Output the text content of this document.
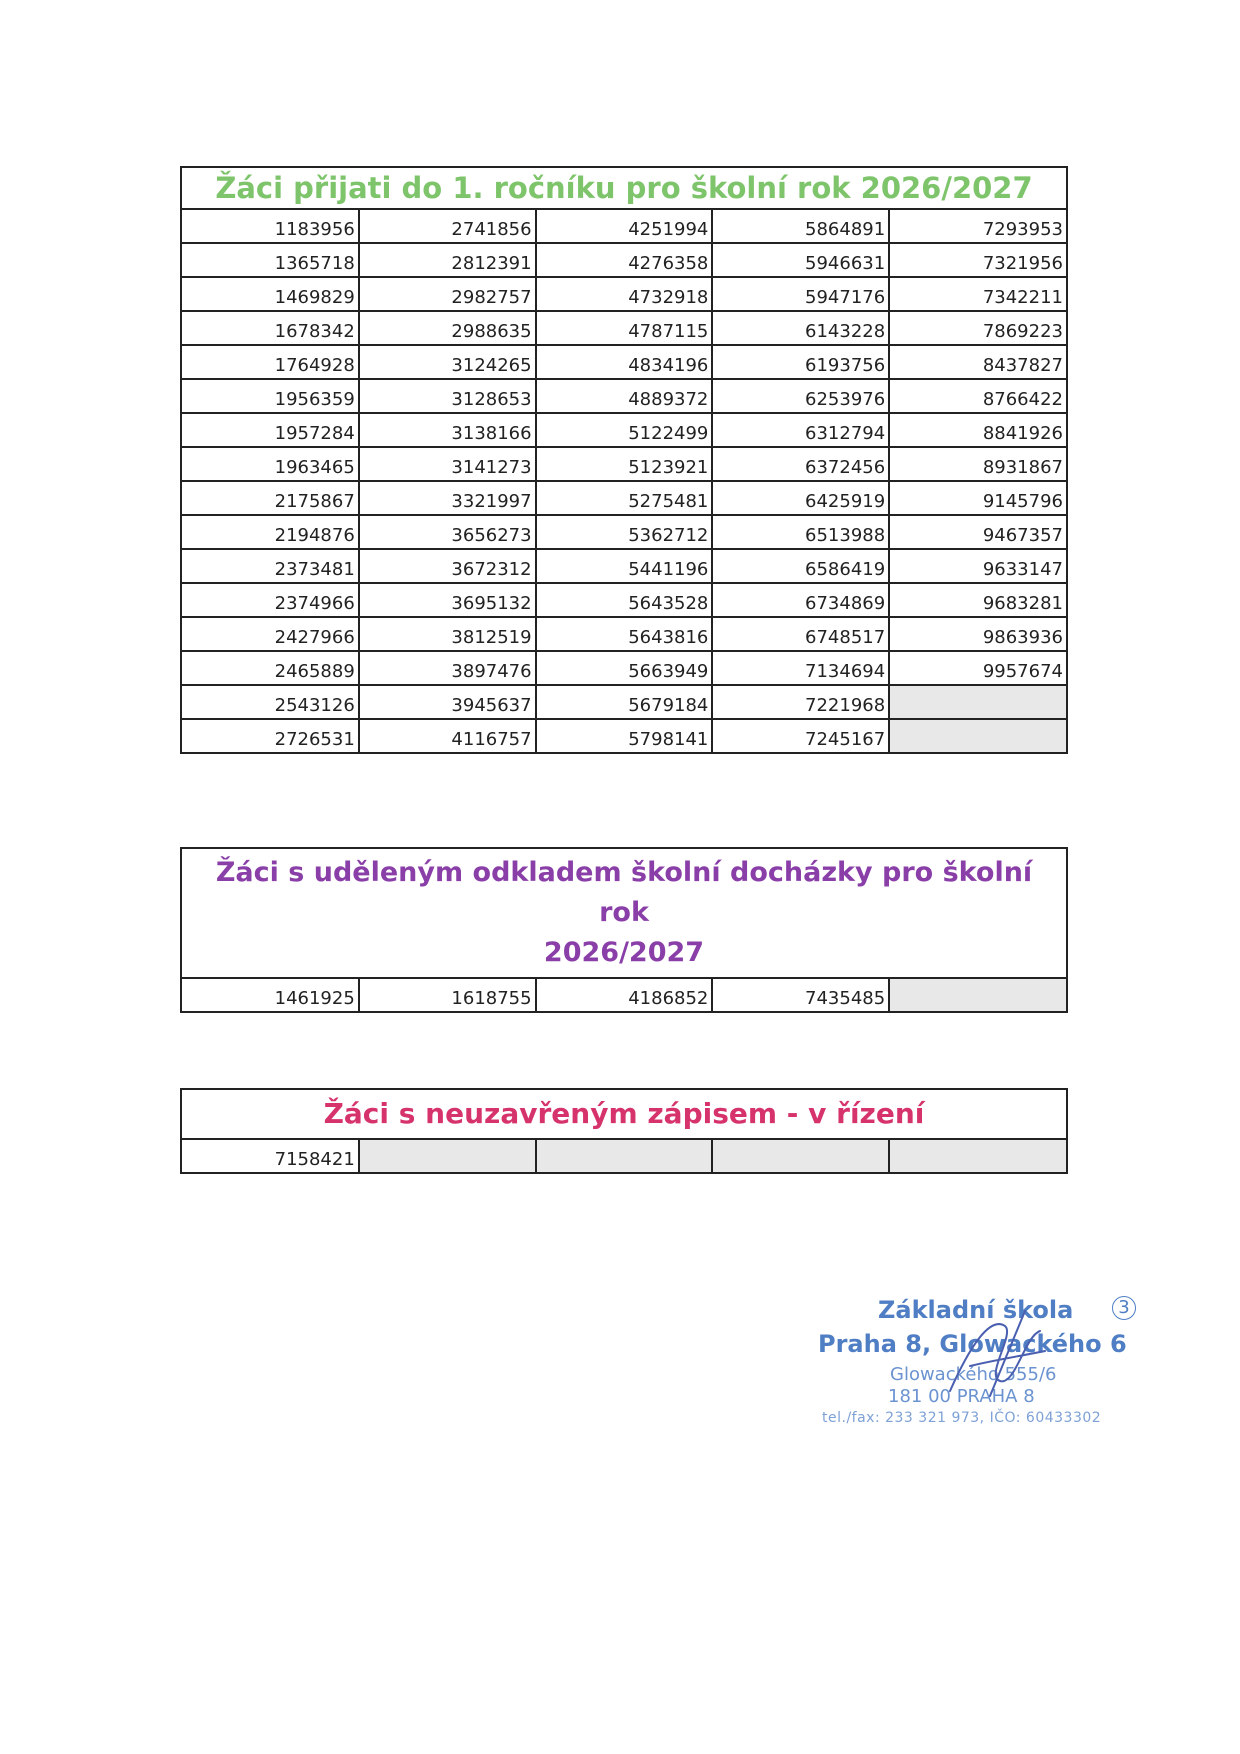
Žáci přijati do 1. ročníku pro školní rok 2026/2027
1183956	2741856	4251994	5864891	7293953
1365718	2812391	4276358	5946631	7321956
1469829	2982757	4732918	5947176	7342211
1678342	2988635	4787115	6143228	7869223
1764928	3124265	4834196	6193756	8437827
1956359	3128653	4889372	6253976	8766422
1957284	3138166	5122499	6312794	8841926
1963465	3141273	5123921	6372456	8931867
2175867	3321997	5275481	6425919	9145796
2194876	3656273	5362712	6513988	9467357
2373481	3672312	5441196	6586419	9633147
2374966	3695132	5643528	6734869	9683281
2427966	3812519	5643816	6748517	9863936
2465889	3897476	5663949	7134694	9957674
2543126	3945637	5679184	7221968	
2726531	4116757	5798141	7245167	
Žáci s uděleným odkladem školní docházky pro školní rok
2026/2027
1461925	1618755	4186852	7435485	
Žáci s neuzavřeným zápisem - v řízení
7158421				
Základní škola	3
Praha 8, Glowackého 6
Glowackého 555/6
181 00 PRAHA 8
tel./fax: 233 321 973, IČO: 60433302
